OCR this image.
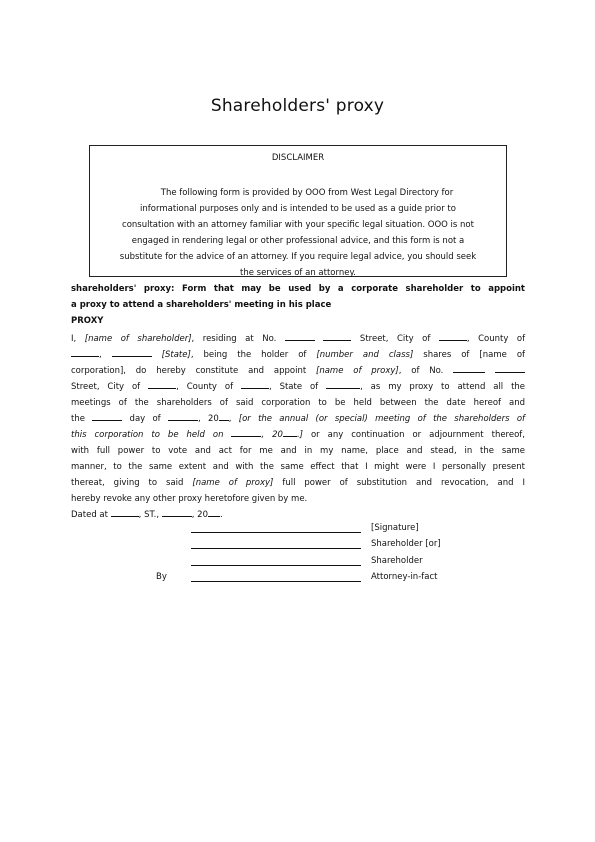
Shareholders' proxy
DISCLAIMER
The following form is provided by OOO from West Legal Directory for
informational purposes only and is intended to be used as a guide prior to
consultation with an attorney familiar with your specific legal situation. OOO is not
engaged in rendering legal or other professional advice, and this form is not a
substitute for the advice of an attorney. If you require legal advice, you should seek
the services of an attorney.
shareholders' proxy: Form that may be used by a corporate shareholder to appoint
a proxy to attend a shareholders' meeting in his place
PROXY
I, [name of shareholder], residing at No.	Street, City of	, County of
,	[State], being the holder of [number and class] shares of [name of
corporation], do hereby constitute and appoint [name of proxy], of No.
Street, City of	, County of	, State of	, as my proxy to attend all the
meetings of the shareholders of said corporation to be held between the date hereof and
the	day of	, 20 , [or the annual (or special) meeting of the shareholders of
this corporation to be held on	, 20 .] or any continuation or adjournment thereof,
with full power to vote and act for me and in my name, place and stead, in the same
manner, to the same extent and with the same effect that I might were I personally present
thereat, giving to said [name of proxy] full power of substitution and revocation, and I
hereby revoke any other proxy heretofore given by me.
Dated at	, ST.,	, 20 .
[Signature]
Shareholder [or]
Shareholder
By	Attorney-in-fact
